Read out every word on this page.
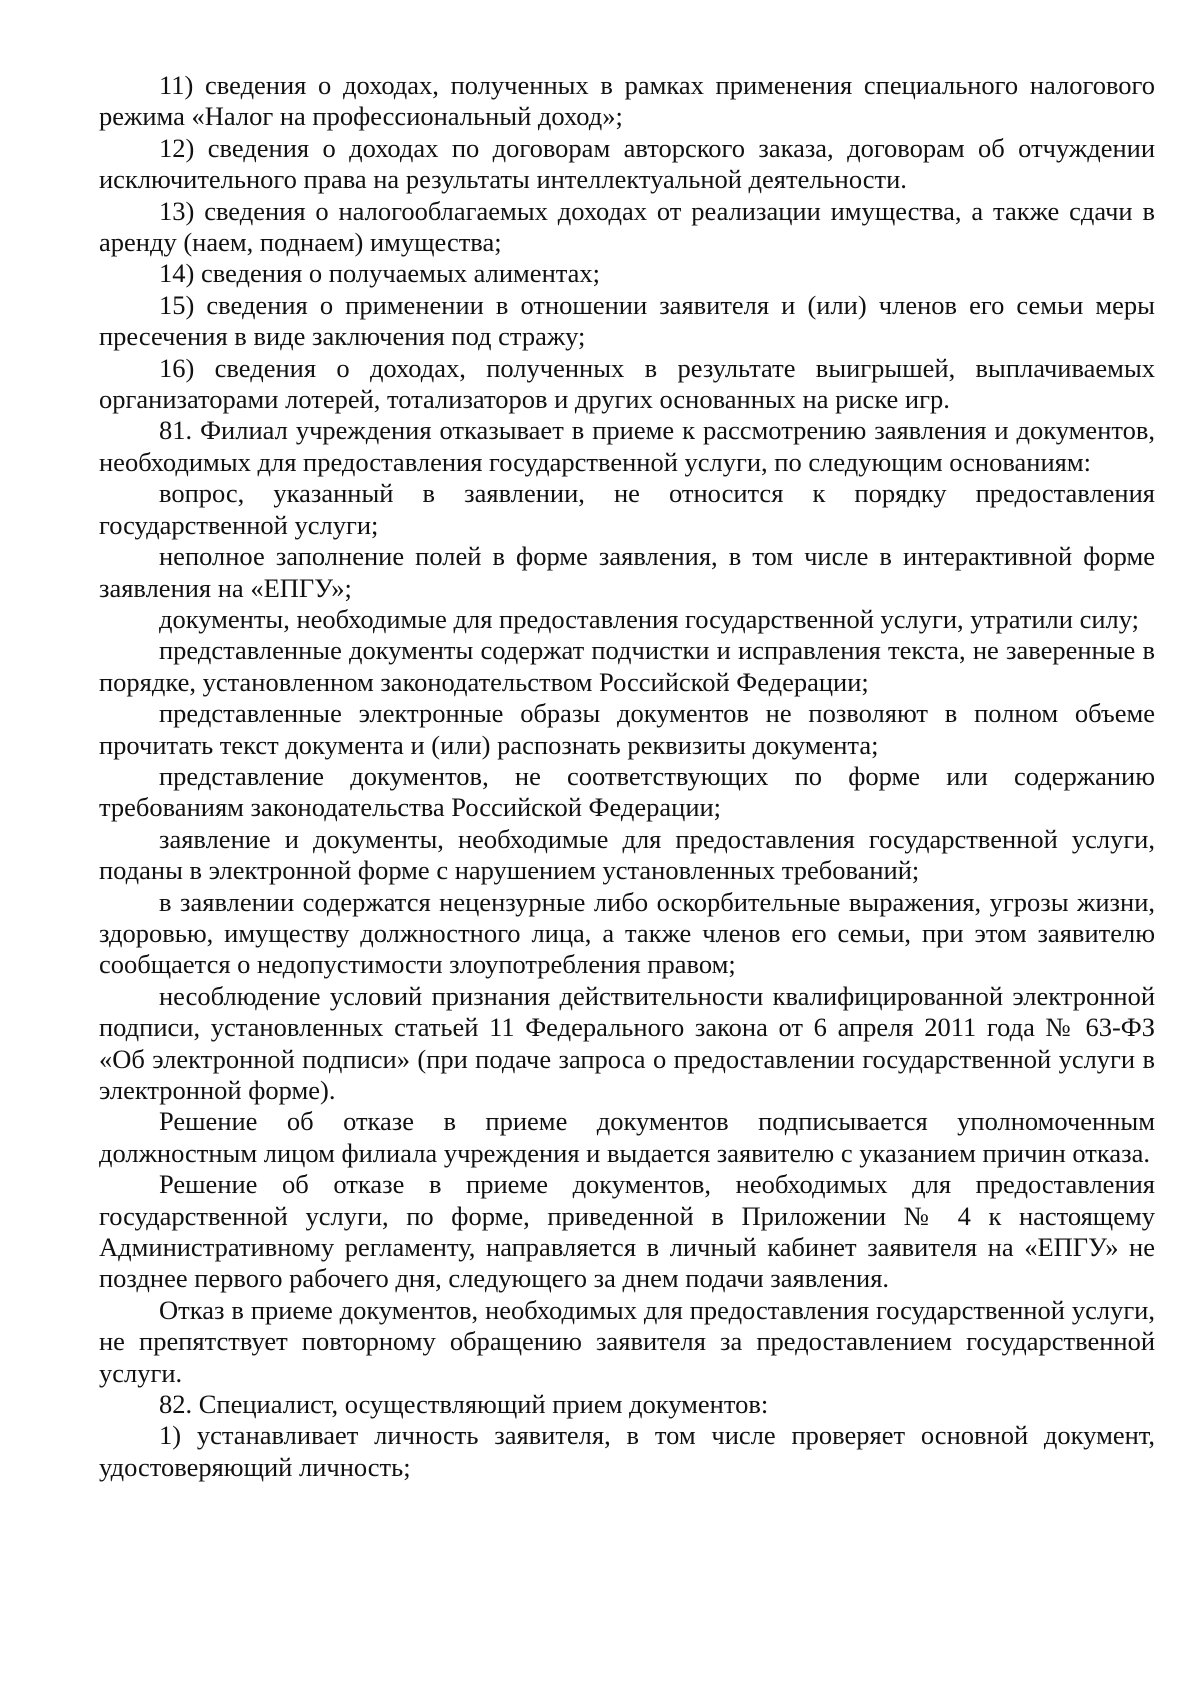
11) сведения о доходах, полученных в рамках применения специального налогового режима «Налог на профессиональный доход»;

12) сведения о доходах по договорам авторского заказа, договорам об отчуждении исключительного права на результаты интеллектуальной деятельности.

13) сведения о налогооблагаемых доходах от реализации имущества, а также сдачи в аренду (наем, поднаем) имущества;

14) сведения о получаемых алиментах;

15) сведения о применении в отношении заявителя и (или) членов его семьи меры пресечения в виде заключения под стражу;

16) сведения о доходах, полученных в результате выигрышей, выплачиваемых организаторами лотерей, тотализаторов и других основанных на риске игр.

81. Филиал учреждения отказывает в приеме к рассмотрению заявления и документов, необходимых для предоставления государственной услуги, по следующим основаниям:

вопрос, указанный в заявлении, не относится к порядку предоставления государственной услуги;

неполное заполнение полей в форме заявления, в том числе в интерактивной форме заявления на «ЕПГУ»;

документы, необходимые для предоставления государственной услуги, утратили силу;

представленные документы содержат подчистки и исправления текста, не заверенные в порядке, установленном законодательством Российской Федерации;

представленные электронные образы документов не позволяют в полном объеме прочитать текст документа и (или) распознать реквизиты документа;

представление документов, не соответствующих по форме или содержанию требованиям законодательства Российской Федерации;

заявление и документы, необходимые для предоставления государственной услуги, поданы в электронной форме с нарушением установленных требований;

в заявлении содержатся нецензурные либо оскорбительные выражения, угрозы жизни, здоровью, имуществу должностного лица, а также членов его семьи, при этом заявителю сообщается о недопустимости злоупотребления правом;

несоблюдение условий признания действительности квалифицированной электронной подписи, установленных статьей 11 Федерального закона от 6 апреля 2011 года № 63-ФЗ «Об электронной подписи» (при подаче запроса о предоставлении государственной услуги в электронной форме).

Решение об отказе в приеме документов подписывается уполномоченным должностным лицом филиала учреждения и выдается заявителю с указанием причин отказа.

Решение об отказе в приеме документов, необходимых для предоставления государственной услуги, по форме, приведенной в Приложении № 4 к настоящему Административному регламенту, направляется в личный кабинет заявителя на «ЕПГУ» не позднее первого рабочего дня, следующего за днем подачи заявления.

Отказ в приеме документов, необходимых для предоставления государственной услуги, не препятствует повторному обращению заявителя за предоставлением государственной услуги.

82. Специалист, осуществляющий прием документов:

1) устанавливает личность заявителя, в том числе проверяет основной документ, удостоверяющий личность;
